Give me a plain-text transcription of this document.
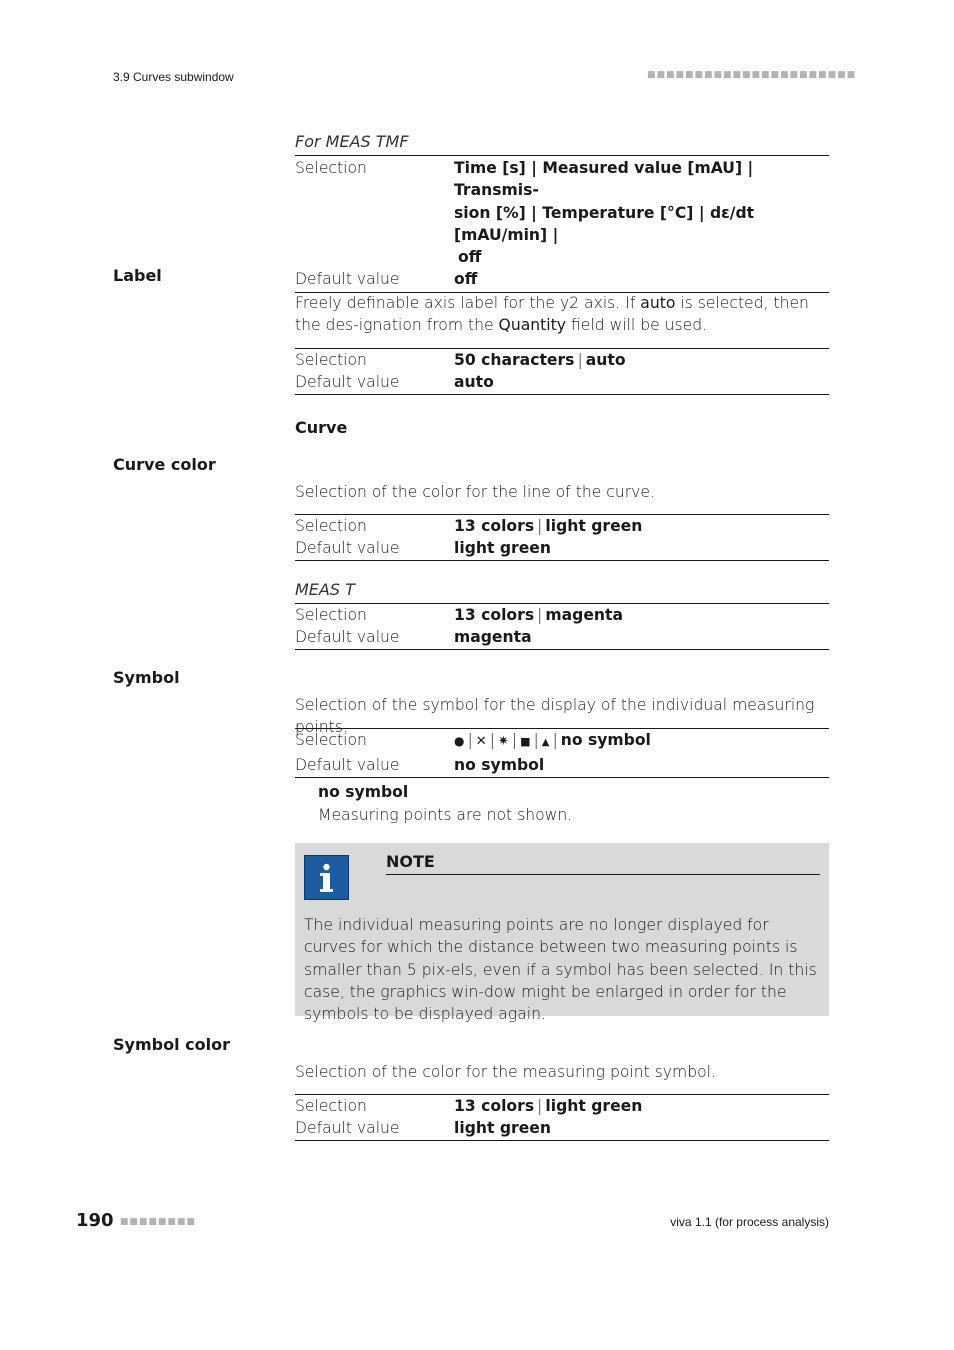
3.9 Curves subwindow	■■■■■■■■■■■■■■■■■■■■■■
For MEAS TMF
Selection	Time [s] | Measured value [mAU] | Transmis-
sion [%] | Temperature [°C] | dε/dt [mAU/min] |
off
Default value	off
Label
Freely definable axis label for the y2 axis. If auto is selected, then the des-ignation from the Quantity field will be used.
Selection	50 characters | auto
Default value	auto
Curve
Curve color
Selection of the color for the line of the curve.
Selection	13 colors | light green
Default value	light green
MEAS T
Selection	13 colors | magenta
Default value	magenta
Symbol
Selection of the symbol for the display of the individual measuring points.
Selection	● | ✕ | ✷ | ■ | ▲ | no symbol
Default value	no symbol
no symbol
Measuring points are not shown.
NOTE
The individual measuring points are no longer displayed for curves for which the distance between two measuring points is smaller than 5 pix-els, even if a symbol has been selected. In this case, the graphics win-dow might be enlarged in order for the symbols to be displayed again.
Symbol color
Selection of the color for the measuring point symbol.
Selection	13 colors | light green
Default value	light green
190 ■■■■■■■■	viva 1.1 (for process analysis)
